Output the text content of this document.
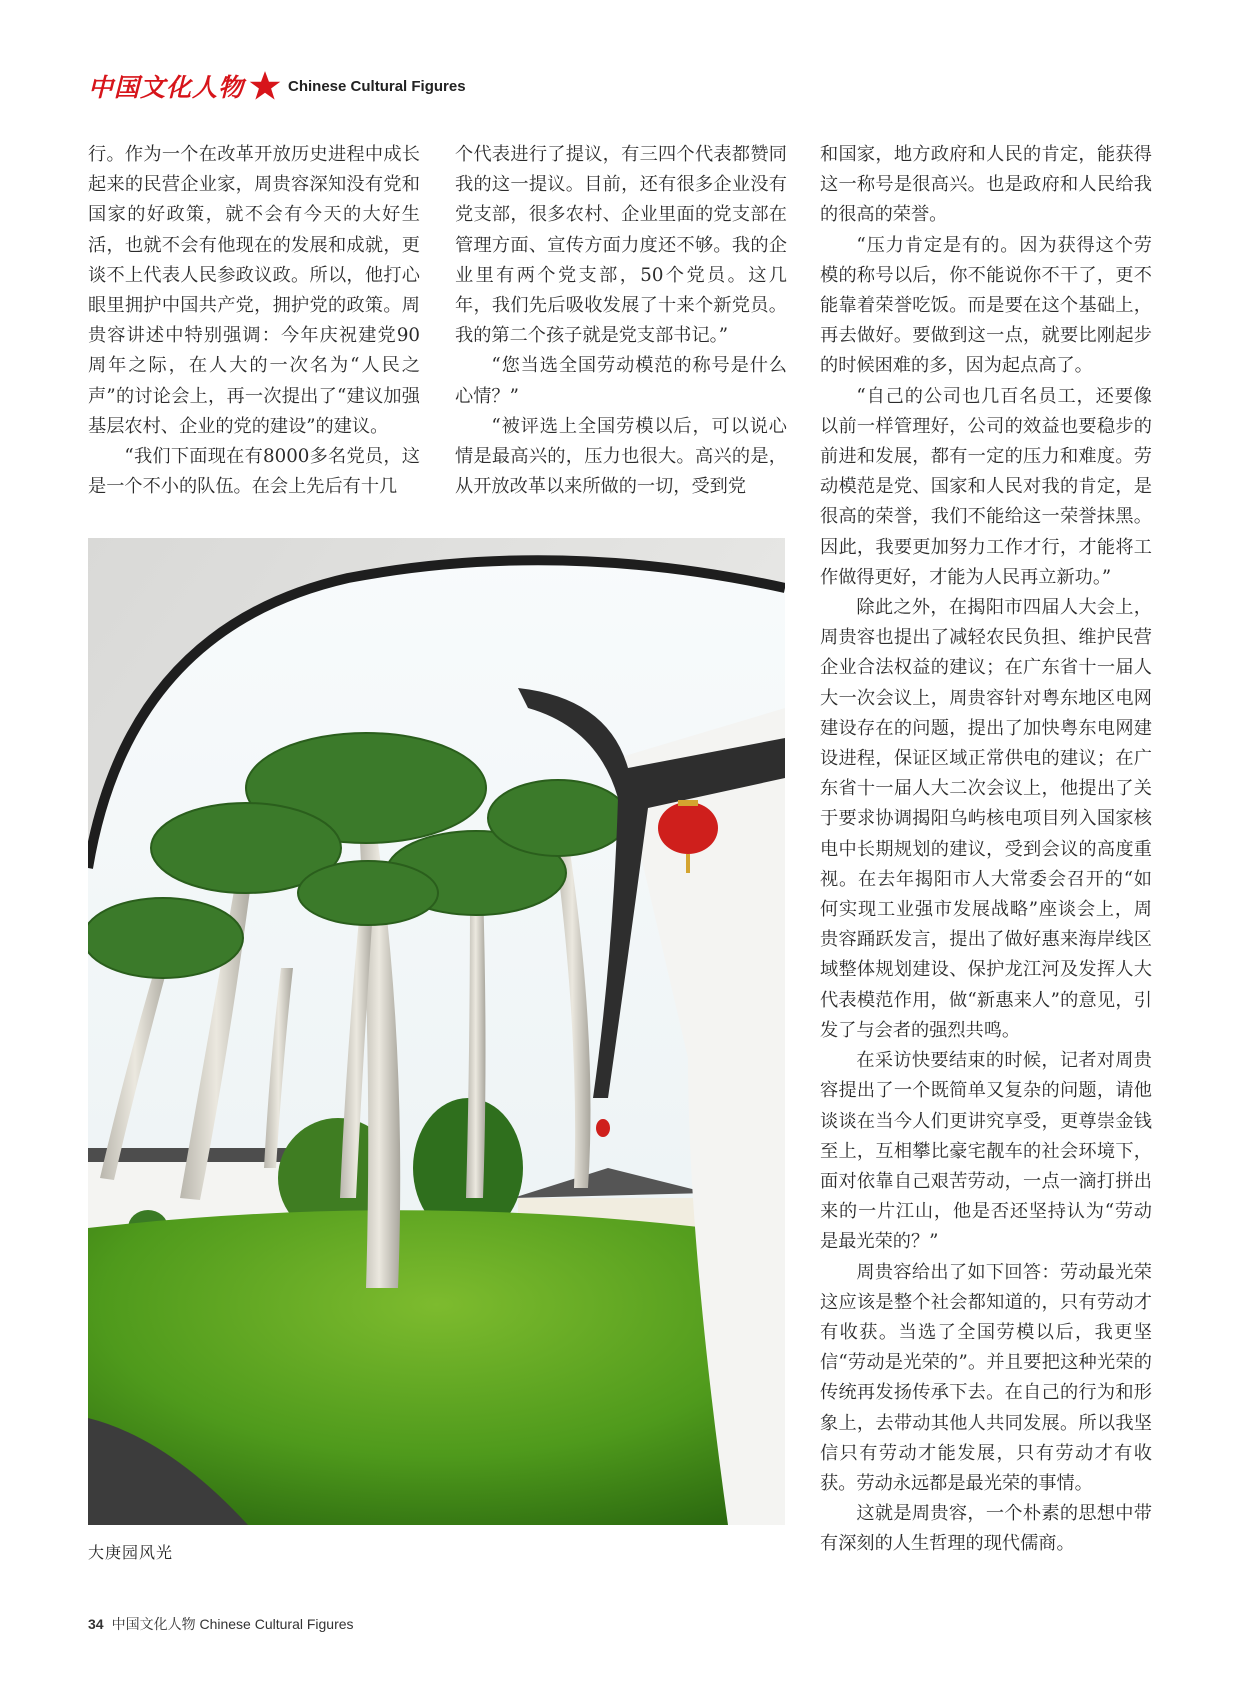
中国文化人物	Chinese Cultural Figures

行。作为一个在改革开放历史进程中成长起来的民营企业家，周贵容深知没有党和国家的好政策，就不会有今天的大好生活，也就不会有他现在的发展和成就，更谈不上代表人民参政议政。所以，他打心眼里拥护中国共产党，拥护党的政策。周贵容讲述中特别强调：今年庆祝建党90周年之际，在人大的一次名为“人民之声”的讨论会上，再一次提出了“建议加强基层农村、企业的党的建设”的建议。

“我们下面现在有8000多名党员，这是一个不小的队伍。在会上先后有十几

个代表进行了提议，有三四个代表都赞同我的这一提议。目前，还有很多企业没有党支部，很多农村、企业里面的党支部在管理方面、宣传方面力度还不够。我的企业里有两个党支部，50个党员。这几年，我们先后吸收发展了十来个新党员。我的第二个孩子就是党支部书记。”

“您当选全国劳动模范的称号是什么心情？”

“被评选上全国劳模以后，可以说心情是最高兴的，压力也很大。高兴的是，从开放改革以来所做的一切，受到党

和国家，地方政府和人民的肯定，能获得这一称号是很高兴。也是政府和人民给我的很高的荣誉。

“压力肯定是有的。因为获得这个劳模的称号以后，你不能说你不干了，更不能靠着荣誉吃饭。而是要在这个基础上，再去做好。要做到这一点，就要比刚起步的时候困难的多，因为起点高了。

“自己的公司也几百名员工，还要像以前一样管理好，公司的效益也要稳步的前进和发展，都有一定的压力和难度。劳动模范是党、国家和人民对我的肯定，是很高的荣誉，我们不能给这一荣誉抹黑。因此，我要更加努力工作才行，才能将工作做得更好，才能为人民再立新功。”

除此之外，在揭阳市四届人大会上，周贵容也提出了减轻农民负担、维护民营企业合法权益的建议；在广东省十一届人大一次会议上，周贵容针对粤东地区电网建设存在的问题，提出了加快粤东电网建设进程，保证区域正常供电的建议；在广东省十一届人大二次会议上，他提出了关于要求协调揭阳乌屿核电项目列入国家核电中长期规划的建议，受到会议的高度重视。在去年揭阳市人大常委会召开的“如何实现工业强市发展战略”座谈会上，周贵容踊跃发言，提出了做好惠来海岸线区域整体规划建设、保护龙江河及发挥人大代表模范作用，做“新惠来人”的意见，引发了与会者的强烈共鸣。

在采访快要结束的时候，记者对周贵容提出了一个既简单又复杂的问题，请他谈谈在当今人们更讲究享受，更尊崇金钱至上，互相攀比豪宅靓车的社会环境下，面对依靠自己艰苦劳动，一点一滴打拼出来的一片江山，他是否还坚持认为“劳动是最光荣的？”

周贵容给出了如下回答：劳动最光荣这应该是整个社会都知道的，只有劳动才有收获。当选了全国劳模以后，我更坚信“劳动是光荣的”。并且要把这种光荣的传统再发扬传承下去。在自己的行为和形象上，去带动其他人共同发展。所以我坚信只有劳动才能发展，只有劳动才有收获。劳动永远都是最光荣的事情。

这就是周贵容，一个朴素的思想中带有深刻的人生哲理的现代儒商。

大庚园风光
34 中国文化人物 Chinese Cultural Figures
